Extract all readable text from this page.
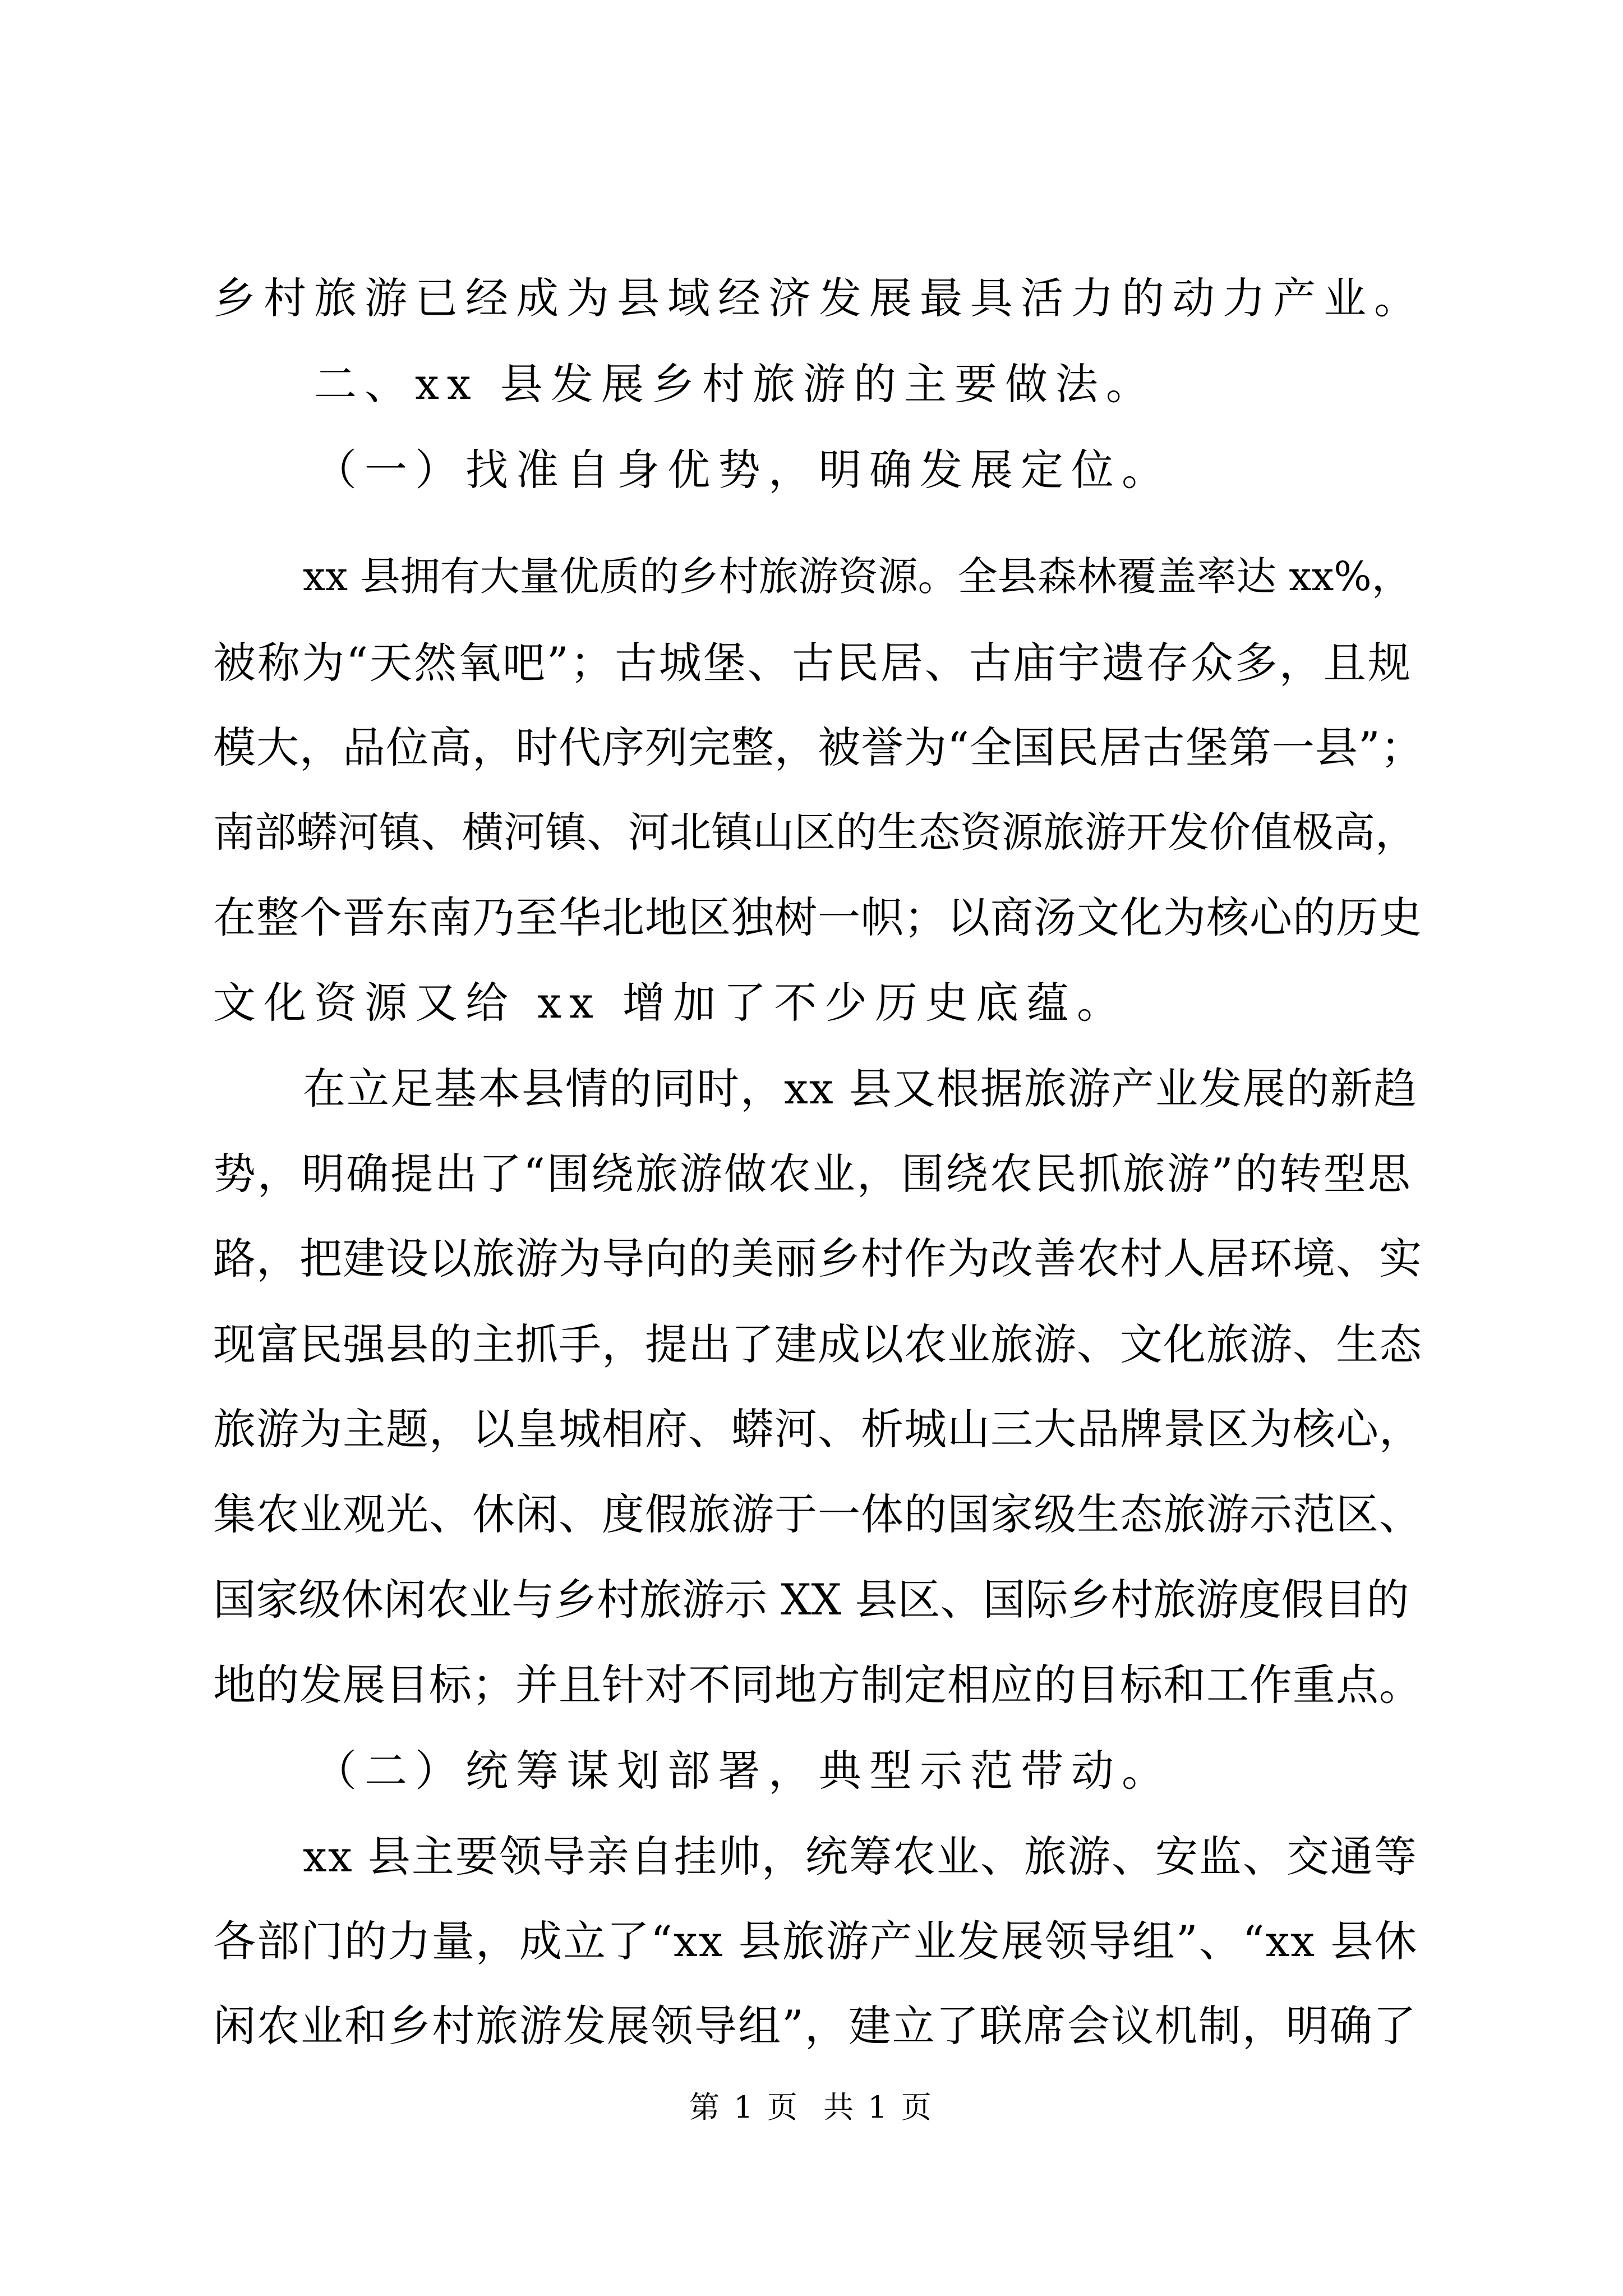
乡村旅游已经成为县域经济发展最具活力的动力产业。

二、xx 县发展乡村旅游的主要做法。

（一）找准自身优势，明确发展定位。

xx 县拥有大量优质的乡村旅游资源。全县森林覆盖率达 xx%，

被称为“天然氧吧”；古城堡、古民居、古庙宇遗存众多，且规

模大，品位高，时代序列完整，被誉为“全国民居古堡第一县”；

南部蟒河镇、横河镇、河北镇山区的生态资源旅游开发价值极高，

在整个晋东南乃至华北地区独树一帜；以商汤文化为核心的历史

文化资源又给 xx 增加了不少历史底蕴。

在立足基本县情的同时，xx 县又根据旅游产业发展的新趋

势，明确提出了“围绕旅游做农业，围绕农民抓旅游”的转型思

路，把建设以旅游为导向的美丽乡村作为改善农村人居环境、实

现富民强县的主抓手，提出了建成以农业旅游、文化旅游、生态

旅游为主题，以皇城相府、蟒河、析城山三大品牌景区为核心，

集农业观光、休闲、度假旅游于一体的国家级生态旅游示范区、

国家级休闲农业与乡村旅游示 XX 县区、国际乡村旅游度假目的

地的发展目标；并且针对不同地方制定相应的目标和工作重点。

（二）统筹谋划部署，典型示范带动。

xx 县主要领导亲自挂帅，统筹农业、旅游、安监、交通等

各部门的力量，成立了“xx 县旅游产业发展领导组”、“xx 县休

闲农业和乡村旅游发展领导组”，建立了联席会议机制，明确了

第 1 页  共 1 页
